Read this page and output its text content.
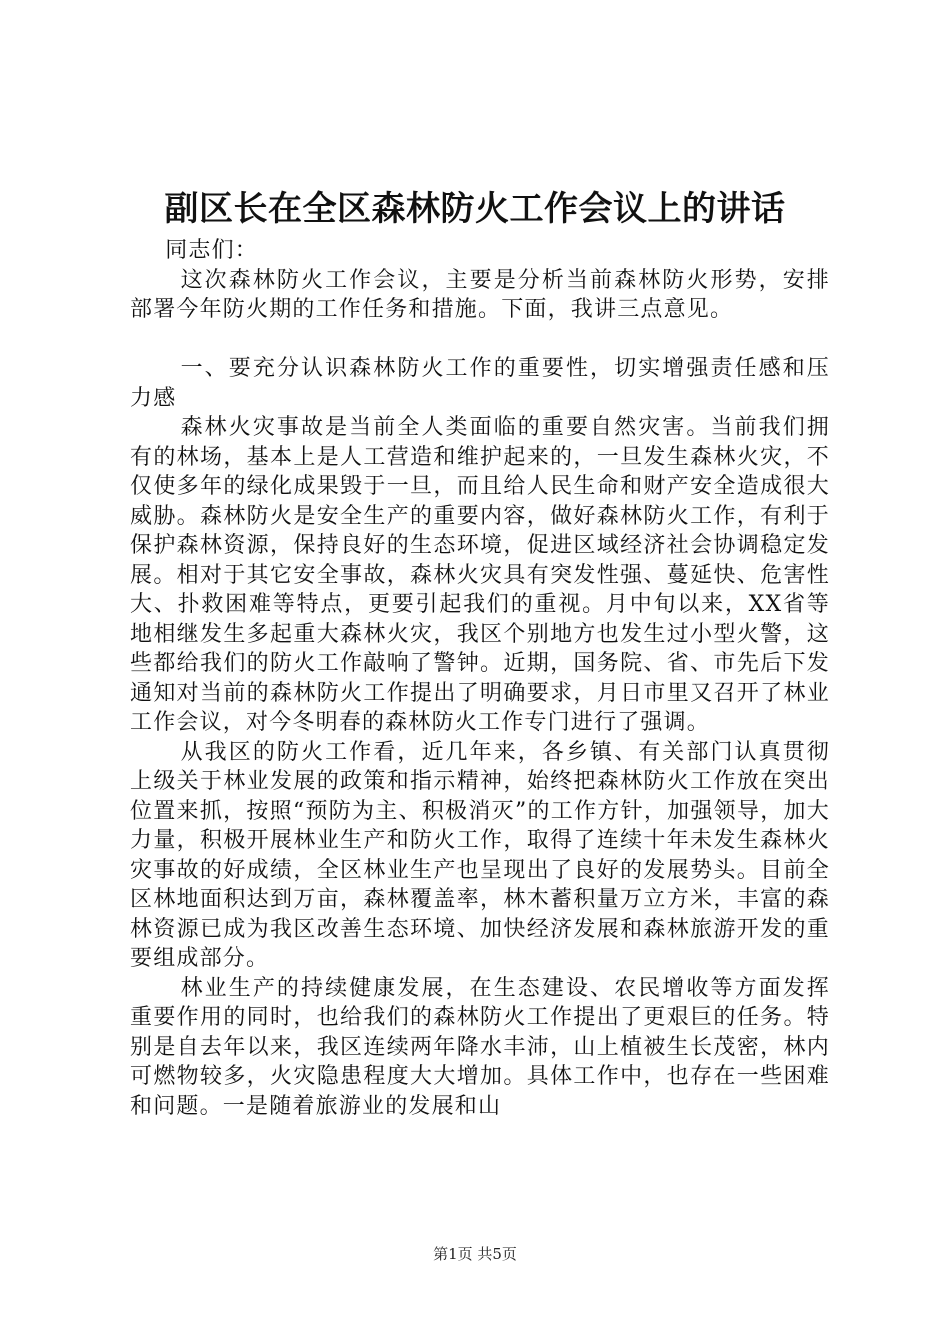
副区长在全区森林防火工作会议上的讲话

同志们：

这次森林防火工作会议，主要是分析当前森林防火形势，安排部署今年防火期的工作任务和措施。下面，我讲三点意见。

一、要充分认识森林防火工作的重要性，切实增强责任感和压力感

森林火灾事故是当前全人类面临的重要自然灾害。当前我们拥有的林场，基本上是人工营造和维护起来的，一旦发生森林火灾，不仅使多年的绿化成果毁于一旦，而且给人民生命和财产安全造成很大威胁。森林防火是安全生产的重要内容，做好森林防火工作，有利于保护森林资源，保持良好的生态环境，促进区域经济社会协调稳定发展。相对于其它安全事故，森林火灾具有突发性强、蔓延快、危害性大、扑救困难等特点，更要引起我们的重视。月中旬以来，XX省等地相继发生多起重大森林火灾，我区个别地方也发生过小型火警，这些都给我们的防火工作敲响了警钟。近期，国务院、省、市先后下发通知对当前的森林防火工作提出了明确要求，月日市里又召开了林业工作会议，对今冬明春的森林防火工作专门进行了强调。

从我区的防火工作看，近几年来，各乡镇、有关部门认真贯彻上级关于林业发展的政策和指示精神，始终把森林防火工作放在突出位置来抓，按照“预防为主、积极消灭”的工作方针，加强领导，加大力量，积极开展林业生产和防火工作，取得了连续十年未发生森林火灾事故的好成绩，全区林业生产也呈现出了良好的发展势头。目前全区林地面积达到万亩，森林覆盖率，林木蓄积量万立方米，丰富的森林资源已成为我区改善生态环境、加快经济发展和森林旅游开发的重要组成部分。

林业生产的持续健康发展，在生态建设、农民增收等方面发挥重要作用的同时，也给我们的森林防火工作提出了更艰巨的任务。特别是自去年以来，我区连续两年降水丰沛，山上植被生长茂密，林内可燃物较多，火灾隐患程度大大增加。具体工作中，也存在一些困难和问题。一是随着旅游业的发展和山

第1页 共5页
